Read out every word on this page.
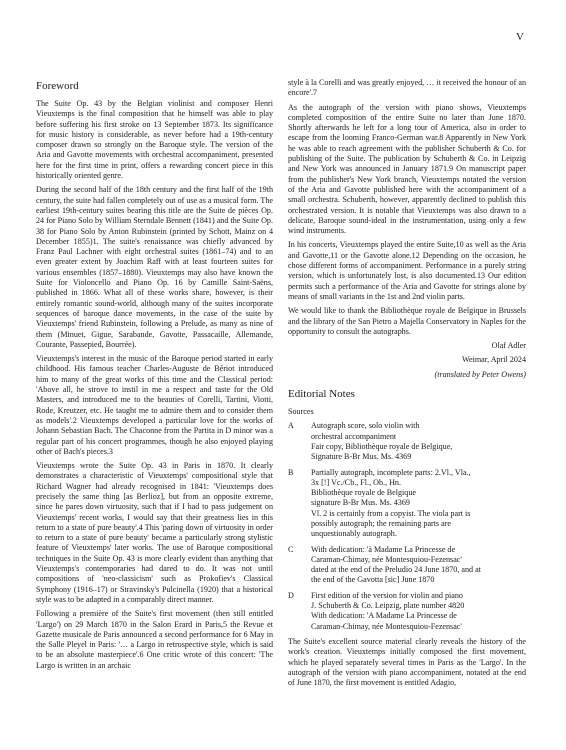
V
Foreword

The Suite Op. 43 by the Belgian violinist and composer Henri Vieuxtemps is the final composition that he himself was able to play before suffering his first stroke on 13 September 1873. Its significance for music history is considerable, as never before had a 19th-century composer drawn so strongly on the Baroque style. The version of the Aria and Gavotte movements with orchestral accompaniment, presented here for the first time in print, offers a rewarding concert piece in this historically oriented genre.

During the second half of the 18th century and the first half of the 19th century, the suite had fallen completely out of use as a musical form. The earliest 19th-century suites bearing this title are the Suite de pièces Op. 24 for Piano Solo by William Sterndale Bennett (1841) and the Suite Op. 38 for Piano Solo by Anton Rubinstein (printed by Schott, Mainz on 4 December 1855)1. The suite's renaissance was chiefly advanced by Franz Paul Lachner with eight orchestral suites (1861–74) and to an even greater extent by Joachim Raff with at least fourteen suites for various ensembles (1857–1880). Vieuxtemps may also have known the Suite for Violoncello and Piano Op. 16 by Camille Saint-Saëns, published in 1866. What all of these works share, however, is their entirely romantic sound-world, although many of the suites incorporate sequences of baroque dance movements, in the case of the suite by Vieuxtemps' friend Rubinstein, following a Prelude, as many as nine of them (Minuet, Gigue, Sarabande, Gavotte, Passacaille, Allemande, Courante, Passepied, Bourrée).

Vieuxtemps's interest in the music of the Baroque period started in early childhood. His famous teacher Charles-Auguste de Bériot introduced him to many of the great works of this time and the Classical period: 'Above all, he strove to instil in me a respect and taste for the Old Masters, and introduced me to the beauties of Corelli, Tartini, Viotti, Rode, Kreutzer, etc. He taught me to admire them and to consider them as models'.2 Vieuxtemps developed a particular love for the works of Johann Sebastian Bach. The Chaconne from the Partita in D minor was a regular part of his concert programmes, though he also enjoyed playing other of Bach's pieces.3

Vieuxtemps wrote the Suite Op. 43 in Paris in 1870. It clearly demonstrates a characteristic of Vieuxtemps' compositional style that Richard Wagner had already recognised in 1841: 'Vieuxtemps does precisely the same thing [as Berlioz], but from an opposite extreme, since he pares down virtuosity, such that if I had to pass judgement on Vieuxtemps' recent works, I would say that their greatness lies in this return to a state of pure beauty'.4 This 'paring down of virtuosity in order to return to a state of pure beauty' became a particularly strong stylistic feature of Vieuxtemps' later works. The use of Baroque compositional techniques in the Suite Op. 43 is more clearly evident than anything that Vieuxtemps's contemporaries had dared to do. It was not until compositions of 'neo-classicism' such as Prokofiev's Classical Symphony (1916–17) or Stravinsky's Pulcinella (1920) that a historical style was to be adapted in a comparably direct manner.

Following a première of the Suite's first movement (then still entitled 'Largo') on 29 March 1870 in the Salon Erard in Paris,5 the Revue et Gazette musicale de Paris announced a second performance for 6 May in the Salle Pleyel in Paris: '… a Largo in retrospective style, which is said to be an absolute masterpiece'.6 One critic wrote of this concert: 'The Largo is written in an archaic

style à la Corelli and was greatly enjoyed, … it received the honour of an encore'.7

As the autograph of the version with piano shows, Vieuxtemps completed composition of the entire Suite no later than June 1870. Shortly afterwards he left for a long tour of America, also in order to escape from the looming Franco-German war.8 Apparently in New York he was able to reach agreement with the publisher Schuberth & Co. for publishing of the Suite. The publication by Schuberth & Co. in Leipzig and New York was announced in January 1871.9 On manuscript paper from the publisher's New York branch, Vieuxtemps notated the version of the Aria and Gavotte published here with the accompaniment of a small orchestra. Schuberth, however, apparently declined to publish this orchestrated version. It is notable that Vieuxtemps was also drawn to a delicate, Baroque sound-ideal in the instrumentation, using only a few wind instruments.

In his concerts, Vieuxtemps played the entire Suite,10 as well as the Aria and Gavotte,11 or the Gavotte alone.12 Depending on the occasion, he chose different forms of accompaniment. Performance in a purely string version, which is unfortunately lost, is also documented.13 Our edition permits such a performance of the Aria and Gavotte for strings alone by means of small variants in the 1st and 2nd violin parts.

We would like to thank the Bibliothèque royale de Belgique in Brussels and the library of the San Pietro a Majella Conservatory in Naples for the opportunity to consult the autographs.

Olaf Adler

Weimar, April 2024

(translated by Peter Owens)

Editorial Notes

Sources

A	Autograph score, solo violin with
orchestral accompaniment
Fair copy, Bibliothèque royale de Belgique,
Signature B-Br Mus. Ms. 4369
B	Partially autograph, incomplete parts: 2.Vl., Vla.,
3x [!] Vc./Cb., Fl., Ob., Hn.
Bibliothèque royale de Belgique
signature B-Br Mus. Ms. 4369
Vl. 2 is certainly from a copyist. The viola part is
possibly autograph; the remaining parts are
unquestionably autograph.
C	With dedication: 'à Madame La Princesse de
Caraman-Chimay, née Montesquiou-Fezensac'
dated at the end of the Preludio 24 June 1870, and at
the end of the Gavotta [sic] June 1870
D	First edition of the version for violin and piano
J. Schuberth & Co. Leipzig, plate number 4820
With dedication: 'A Madame La Princesse de
Caraman-Chimay, née Montesquiou-Fezensac'

The Suite's excellent source material clearly reveals the history of the work's creation. Vieuxtemps initially composed the first movement, which he played separately several times in Paris as the 'Largo'. In the autograph of the version with piano accompaniment, notated at the end of June 1870, the first movement is entitled Adagio,
